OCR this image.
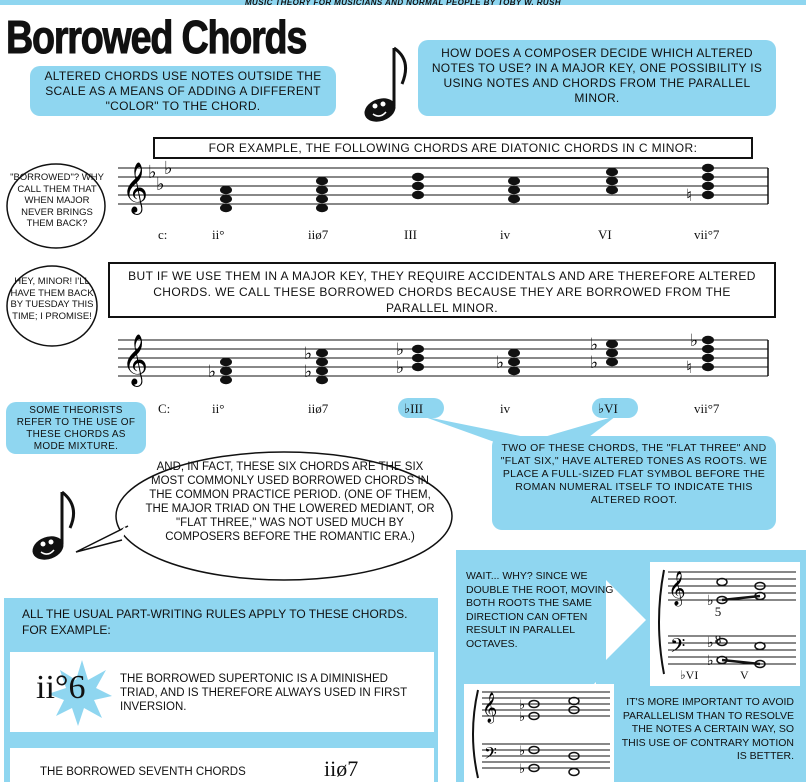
MUSIC THEORY FOR MUSICIANS AND NORMAL PEOPLE BY TOBY W. RUSH
Borrowed Chords
ALTERED CHORDS USE NOTES OUTSIDE THE SCALE AS A MEANS OF ADDING A DIFFERENT "COLOR" TO THE CHORD.
HOW DOES A COMPOSER DECIDE WHICH ALTERED NOTES TO USE? IN A MAJOR KEY, ONE POSSIBILITY IS USING NOTES AND CHORDS FROM THE PARALLEL MINOR.
FOR EXAMPLE, THE FOLLOWING CHORDS ARE DIATONIC CHORDS IN C MINOR:
"BORROWED"? WHY CALL THEM THAT WHEN MAJOR NEVER BRINGS THEM BACK?
𝄞 ♭
♭
♭
♮
c:	ii°	iiø7	III	iv	VI	vii°7
HEY, MINOR! I'LL HAVE THEM BACK BY TUESDAY THIS TIME; I PROMISE!
BUT IF WE USE THEM IN A MAJOR KEY, THEY REQUIRE ACCIDENTALS AND ARE THEREFORE ALTERED CHORDS. WE CALL THESE BORROWED CHORDS BECAUSE THEY ARE BORROWED FROM THE PARALLEL MINOR.
𝄞	♭	♭
♭
♭
♭
♭	♭
♭
♮
♭
C:	ii°	iiø7	♭III	iv	♭VI	vii°7
SOME THEORISTS REFER TO THE USE OF THESE CHORDS AS MODE MIXTURE.	TWO OF THESE CHORDS, THE "FLAT THREE" AND "FLAT SIX," HAVE ALTERED TONES AS ROOTS. WE PLACE A FULL-SIZED FLAT SYMBOL BEFORE THE ROMAN NUMERAL ITSELF TO INDICATE THIS ALTERED ROOT.
AND, IN FACT, THESE SIX CHORDS ARE THE SIX MOST COMMONLY USED BORROWED CHORDS IN THE COMMON PRACTICE PERIOD. (ONE OF THEM, THE MAJOR TRIAD ON THE LOWERED MEDIANT, OR "FLAT THREE," WAS NOT USED MUCH BY COMPOSERS BEFORE THE ROMANTIC ERA.)
ALL THE USUAL PART-WRITING RULES APPLY TO THESE CHORDS. FOR EXAMPLE:
ii°6	THE BORROWED SUPERTONIC IS A DIMINISHED TRIAD, AND IS THEREFORE ALWAYS USED IN FIRST INVERSION.
THE BORROWED SEVENTH CHORDS	iiø7
WAIT... WHY? SINCE WE DOUBLE THE ROOT, MOVING BOTH ROOTS THE SAME DIRECTION CAN OFTEN RESULT IN PARALLEL OCTAVES.
𝄞
𝄢
♭
♭
♭
5
8
♭VI	V
𝄞
𝄢
♭
♭
♭
♭
IT'S MORE IMPORTANT TO AVOID PARALLELISM THAN TO RESOLVE THE NOTES A CERTAIN WAY, SO THIS USE OF CONTRARY MOTION IS BETTER.
